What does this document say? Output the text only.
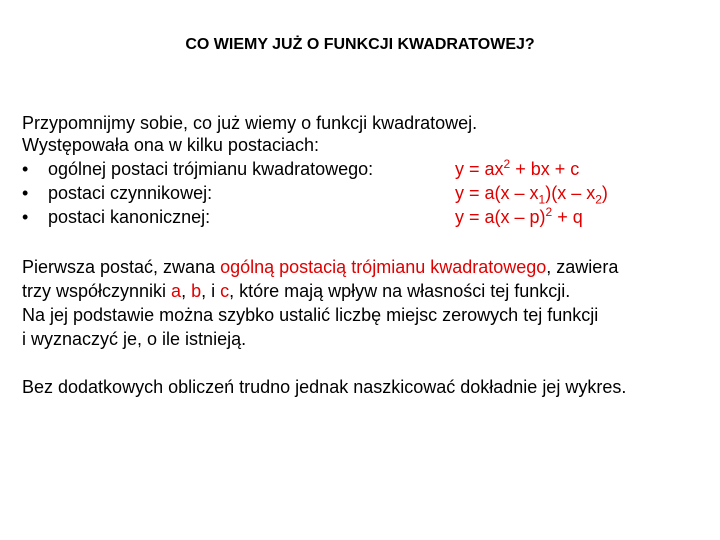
CO WIEMY JUŻ O FUNKCJI KWADRATOWEJ?
Przypomnijmy sobie, co już wiemy o funkcji kwadratowej.
Występowała ona w kilku postaciach:
• ogólnej postaci trójmianu kwadratowego:	$y = ax^2$ + bx + c
• postaci czynnikowej:	$y = a(x - x_1)(x - x_2)$
• postaci kanonicznej:	y = a(x – p)$^2$ + q
Pierwsza postać, zwana ogólną postacią trójmianu kwadratowego, zawiera
trzy współczynniki a, b, i c, które mają wpływ na własności tej funkcji.
Na jej podstawie można szybko ustalić liczbę miejsc zerowych tej funkcji
i wyznaczyć je, o ile istnieją.
Bez dodatkowych obliczeń trudno jednak naszkicować dokładnie jej wykres.
